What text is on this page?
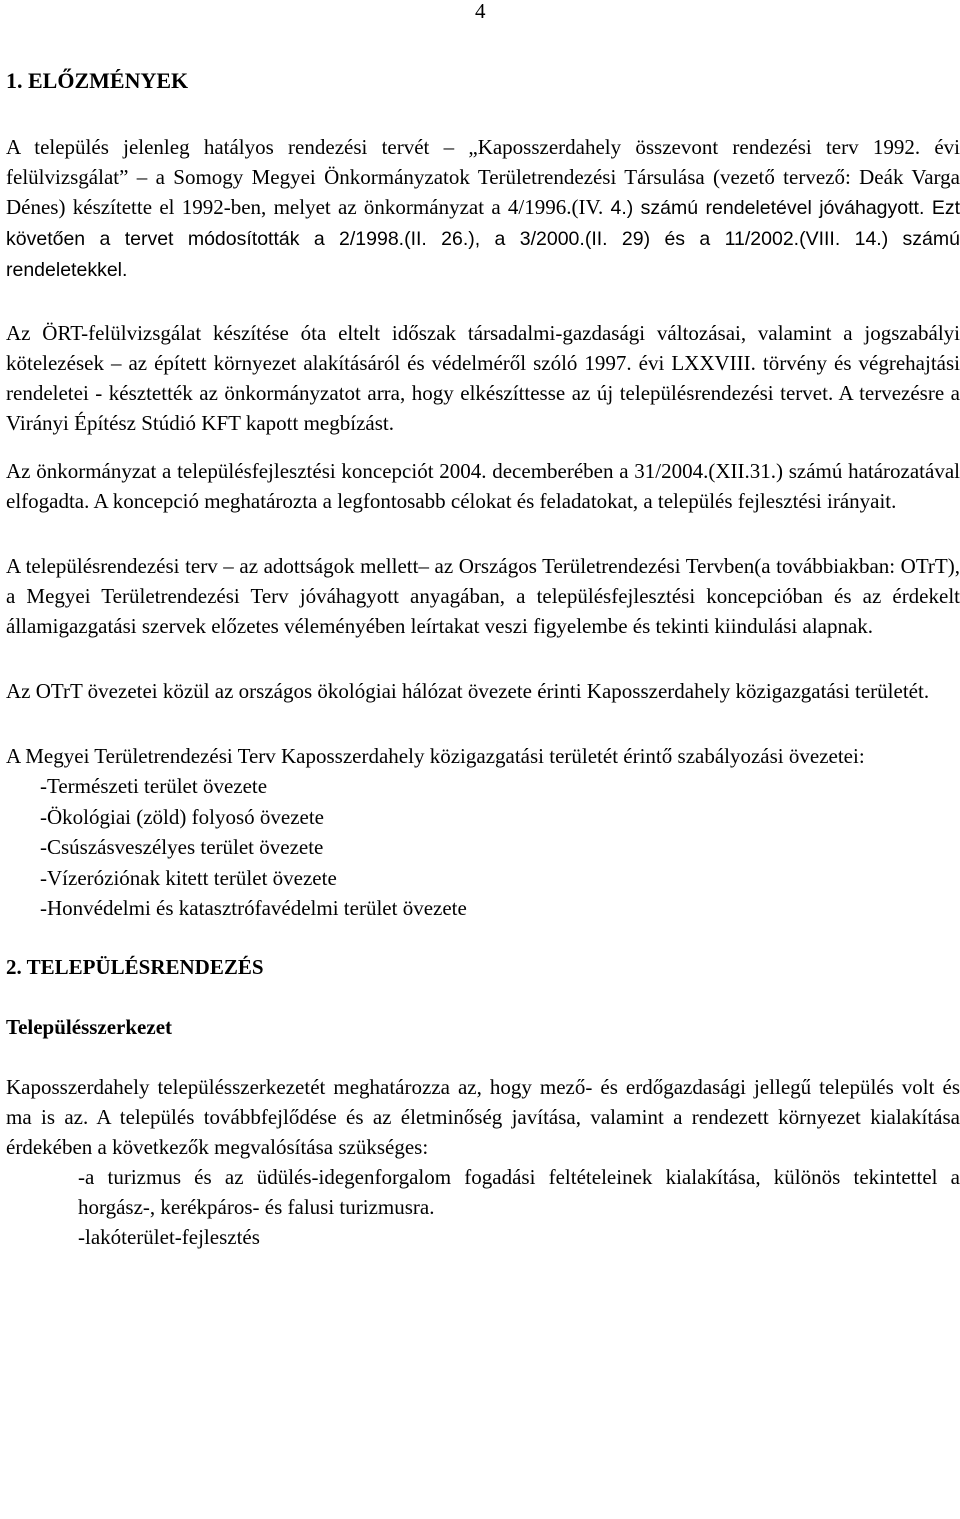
4
1. ELŐZMÉNYEK

A település jelenleg hatályos rendezési tervét – „Kaposszerdahely összevont rendezési terv 1992. évi felülvizsgálat” – a Somogy Megyei Önkormányzatok Területrendezési Társulása (vezető tervező: Deák Varga Dénes) készítette el 1992-ben, melyet az önkormányzat a 4/1996.(IV. 4.) számú rendeletével jóváhagyott. Ezt követően a tervet módosították a 2/1998.(II. 26.), a 3/2000.(II. 29) és a 11/2002.(VIII. 14.) számú rendeletekkel.

Az ÖRT-felülvizsgálat készítése óta eltelt időszak társadalmi-gazdasági változásai, valamint a jogszabályi kötelezések – az épített környezet alakításáról és védelméről szóló 1997. évi LXXVIII. törvény és végrehajtási rendeletei - késztették az önkormányzatot arra, hogy elkészíttesse az új településrendezési tervet. A tervezésre a Virányi Építész Stúdió KFT kapott megbízást.

Az önkormányzat a településfejlesztési koncepciót 2004. decemberében a 31/2004.(XII.31.) számú határozatával elfogadta. A koncepció meghatározta a legfontosabb célokat és feladatokat, a település fejlesztési irányait.

A településrendezési terv – az adottságok mellett– az Országos Területrendezési Tervben(a továbbiakban: OTrT), a Megyei Területrendezési Terv jóváhagyott anyagában, a településfejlesztési koncepcióban és az érdekelt államigazgatási szervek előzetes véleményében leírtakat veszi figyelembe és tekinti kiindulási alapnak.

Az OTrT övezetei közül az országos ökológiai hálózat övezete érinti Kaposszerdahely közigazgatási területét.

A Megyei Területrendezési Terv Kaposszerdahely közigazgatási területét érintő szabályozási övezetei:

-Természeti terület övezete
-Ökológiai (zöld) folyosó övezete
-Csúszásveszélyes terület övezete
-Vízeróziónak kitett terület övezete
-Honvédelmi és katasztrófavédelmi terület övezete
2. TELEPÜLÉSRENDEZÉS
Településszerkezet

Kaposszerdahely településszerkezetét meghatározza az, hogy mező- és erdőgazdasági jellegű település volt és ma is az. A település továbbfejlődése és az életminőség javítása, valamint a rendezett környezet kialakítása érdekében a következők megvalósítása szükséges:

-a turizmus és az üdülés-idegenforgalom fogadási feltételeinek kialakítása, különös tekintettel a horgász-, kerékpáros- és falusi turizmusra.
-lakóterület-fejlesztés
